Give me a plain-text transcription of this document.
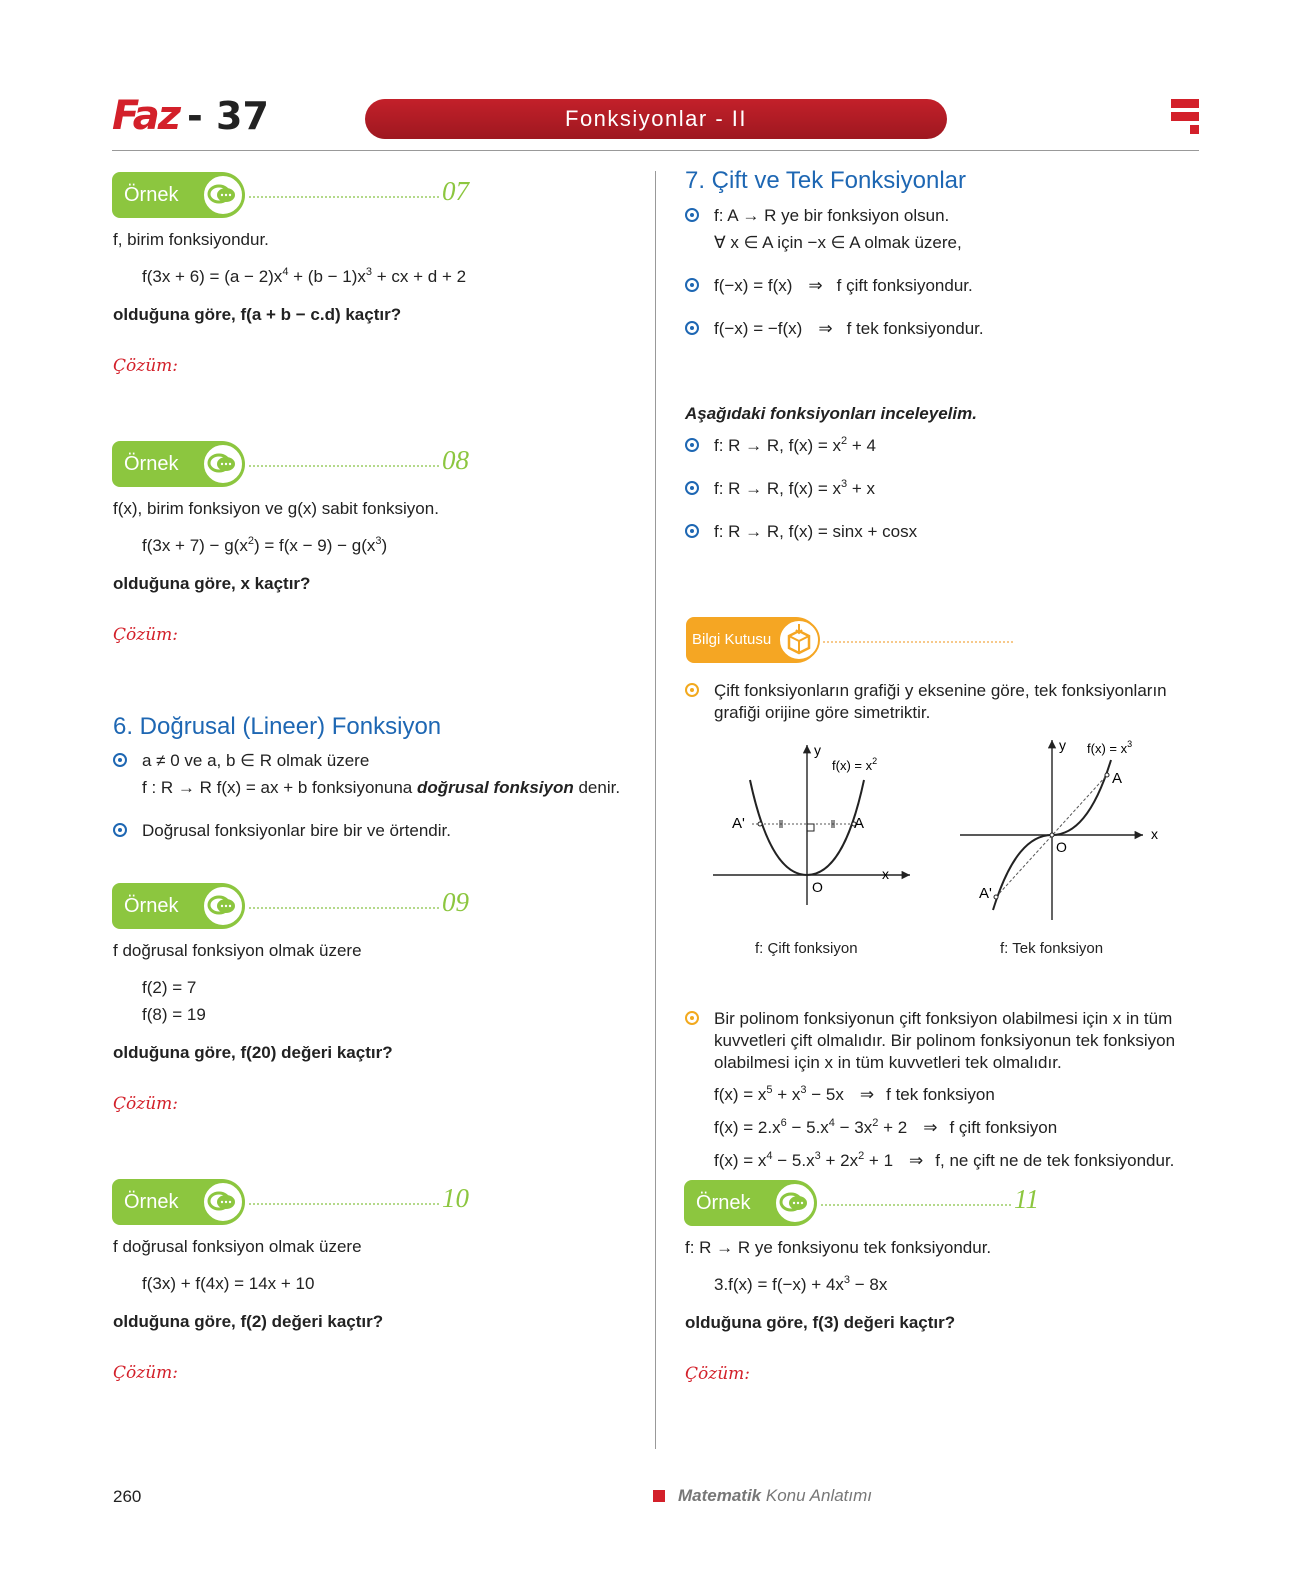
Faz - 37	Fonksiyonlar - II
Örnek	07
f, birim fonksiyondur.
$f(3x + 6) = (a - 2)x^4 + (b - 1)x^3$ + cx + d + 2
olduğuna göre, f(a + b − c.d) kaçtır?
Çözüm:
Örnek	08
f(x), birim fonksiyon ve g(x) sabit fonksiyon.
$f(3x + 7) - g(x^2) = f(x - 9) - g(x^3)$
olduğuna göre, x kaçtır?
Çözüm:
6. Doğrusal (Lineer) Fonksiyon
a ≠ 0 ve a, b ∈ R olmak üzere
f : R → R f(x) = ax + b fonksiyonuna doğrusal fonksiyon denir.
Doğrusal fonksiyonlar bire bir ve örtendir.
Örnek	09
f doğrusal fonksiyon olmak üzere
f(2) = 7
f(8) = 19
olduğuna göre, f(20) değeri kaçtır?
Çözüm:
Örnek	10
f doğrusal fonksiyon olmak üzere
f(3x) + f(4x) = 14x + 10
olduğuna göre, f(2) değeri kaçtır?
Çözüm:
7. Çift ve Tek Fonksiyonlar
f: A → R ye bir fonksiyon olsun.
∀ x ∈ A için −x ∈ A olmak üzere,
f(−x) = f(x) ⇒ f çift fonksiyondur.
f(−x) = −f(x) ⇒ f tek fonksiyondur.
Aşağıdaki fonksiyonları inceleyelim.
f: R → R, $f(x) = x^2 + 4$
f: R → R, $f(x) = x^3 + x$
f: R → R, f(x) = sinx + cosx
Bilgi Kutusu
Çift fonksiyonların grafiği y eksenine göre, tek fonksiyonların
grafiği orijine göre simetriktir.
y
x
O
A
A'
$f(x) = x^2$
f: Çift fonksiyon
y
x
O
A
A'
$f(x) = x^3$
f: Tek fonksiyon
Bir polinom fonksiyonun çift fonksiyon olabilmesi için x in tüm
kuvvetleri çift olmalıdır. Bir polinom fonksiyonun tek fonksiyon
olabilmesi için x in tüm kuvvetleri tek olmalıdır.
$f(x) = x^5 + x^3 - 5x$ ⇒ f tek fonksiyon
$f(x) = 2.x^6 - 5.x^4 - 3x^2 + 2$ ⇒ f çift fonksiyon
$f(x) = x^4 - 5.x^3 + 2x^2 + 1$ ⇒ f, ne çift ne de tek fonksiyondur.
Örnek	11
f: R → R ye fonksiyonu tek fonksiyondur.
$3.f(x) = f(-x) + 4x^3 - 8x$
olduğuna göre, f(3) değeri kaçtır?
Çözüm:
260	Matematik Konu Anlatımı
